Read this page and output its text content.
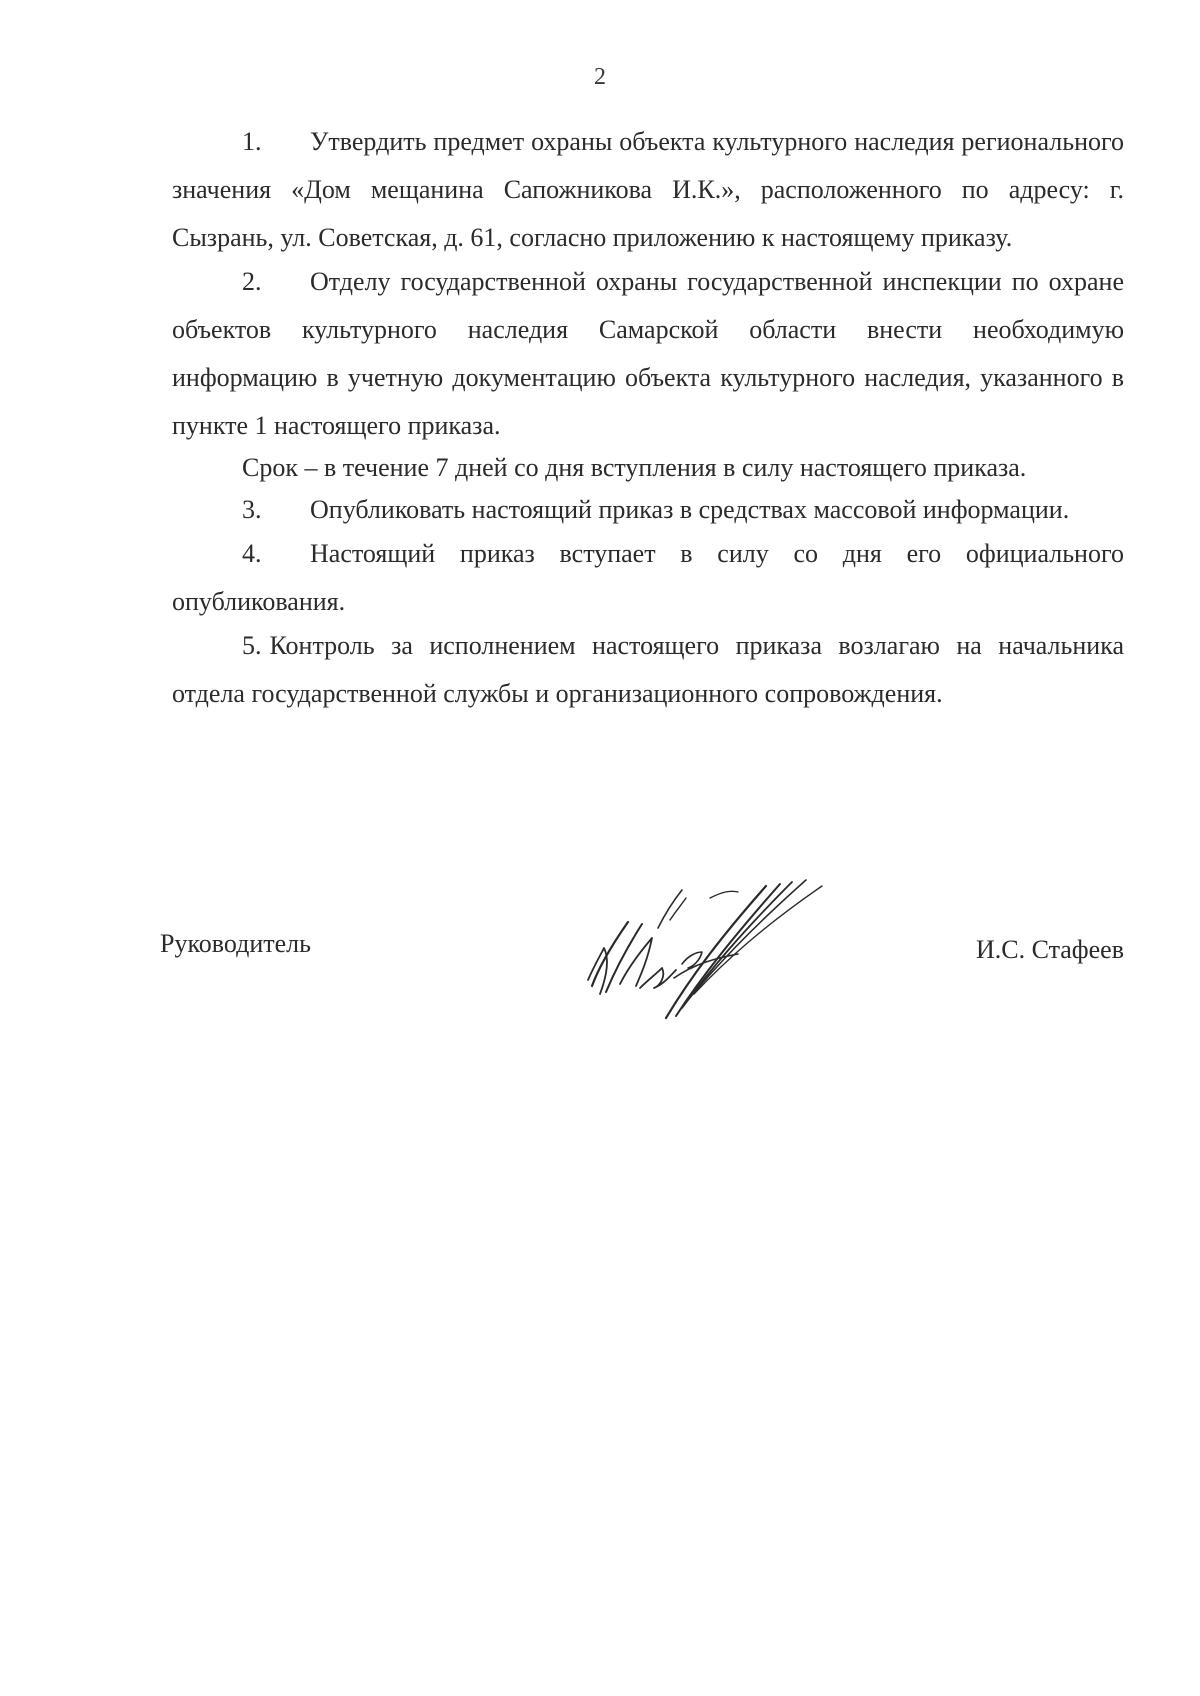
2

1. Утвердить предмет охраны объекта культурного наследия регионального значения «Дом мещанина Сапожникова И.К.», расположенного по адресу: г. Сызрань, ул. Советская, д. 61, согласно приложению к настоящему приказу.

2. Отделу государственной охраны государственной инспекции по охране объектов культурного наследия Самарской области внести необходимую информацию в учетную документацию объекта культурного наследия, указанного в пункте 1 настоящего приказа.

Срок – в течение 7 дней со дня вступления в силу настоящего приказа.

3. Опубликовать настоящий приказ в средствах массовой информации.

4. Настоящий приказ вступает в силу со дня его официального опубликования.

5. Контроль за исполнением настоящего приказа возлагаю на начальника отдела государственной службы и организационного сопровождения.

Руководитель	И.С. Стафеев
